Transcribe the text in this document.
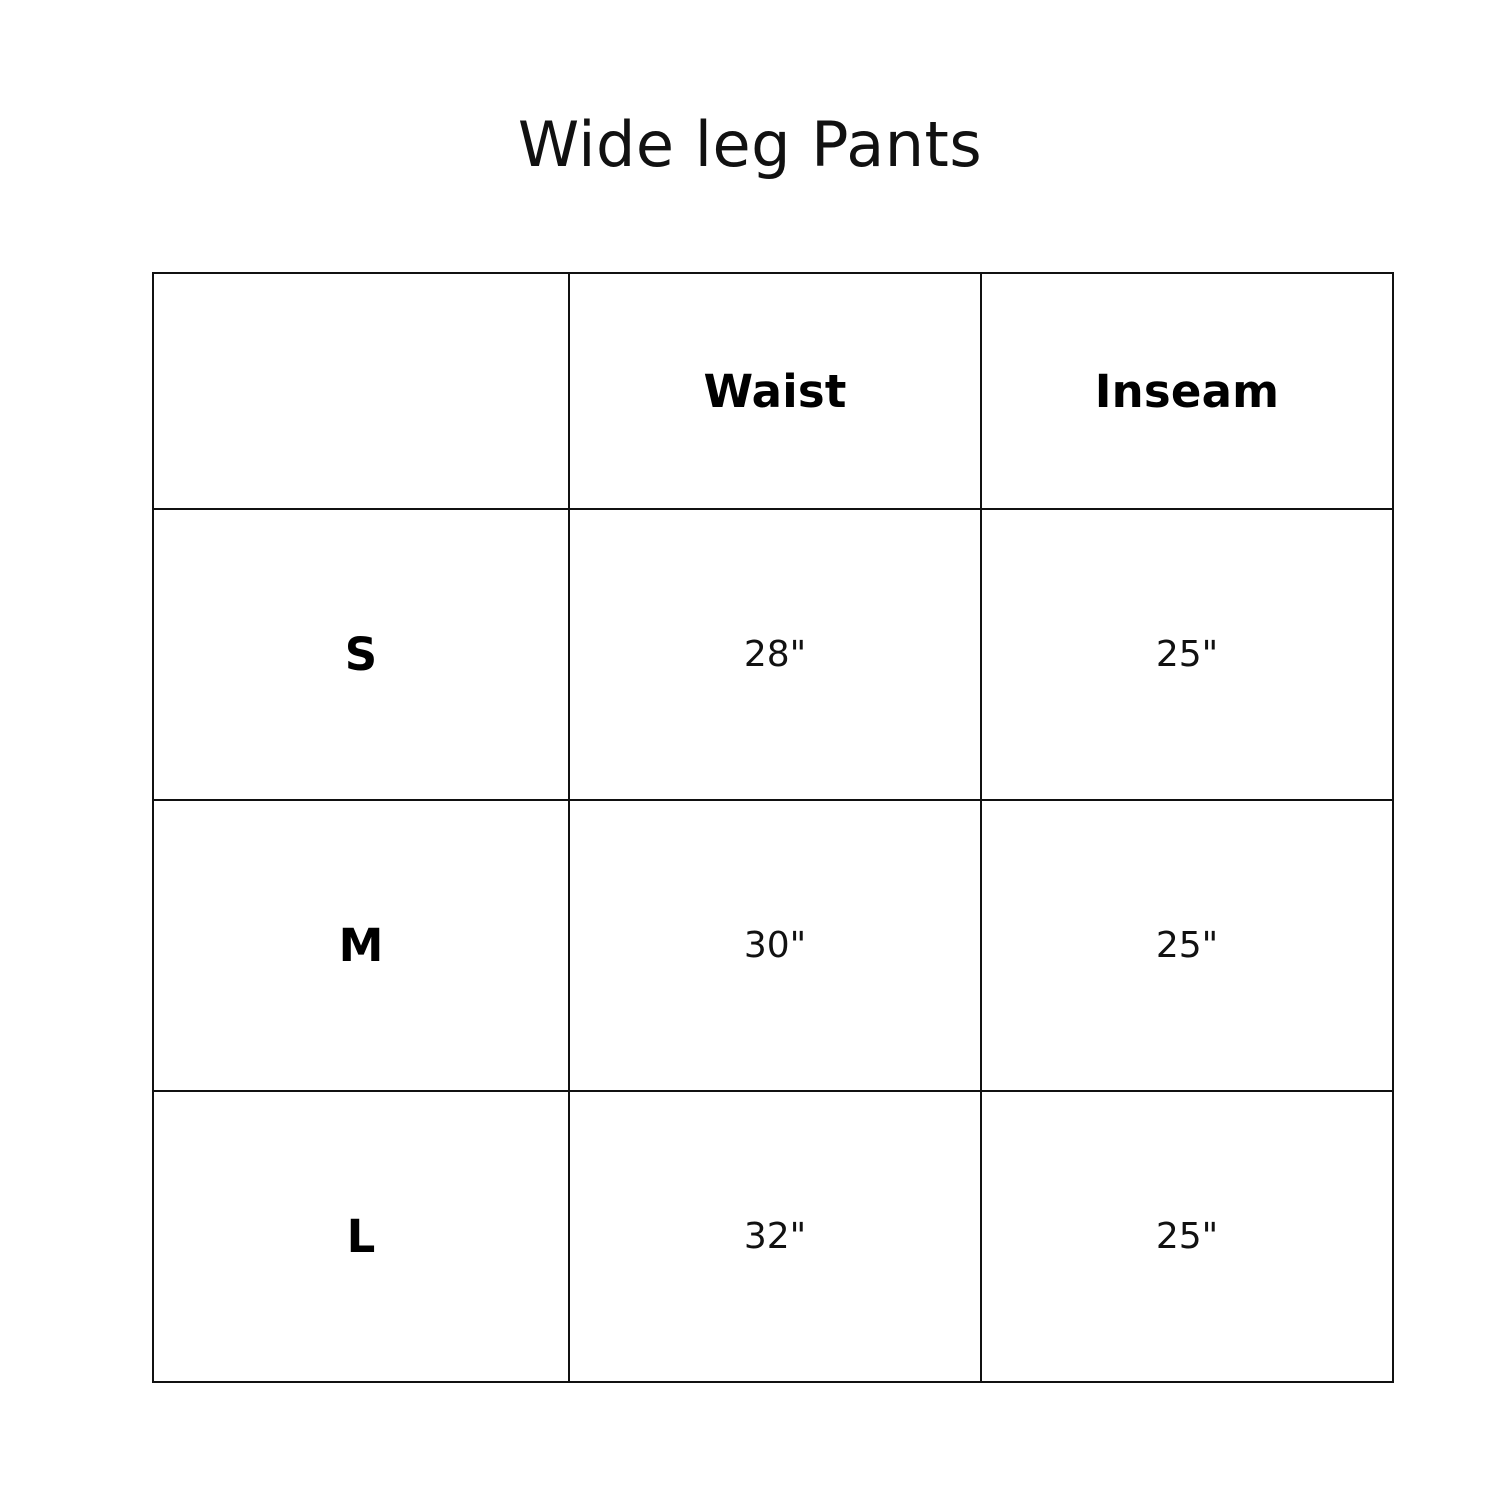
Wide leg Pants
	Waist	Inseam
S	28"	25"
M	30"	25"
L	32"	25"
